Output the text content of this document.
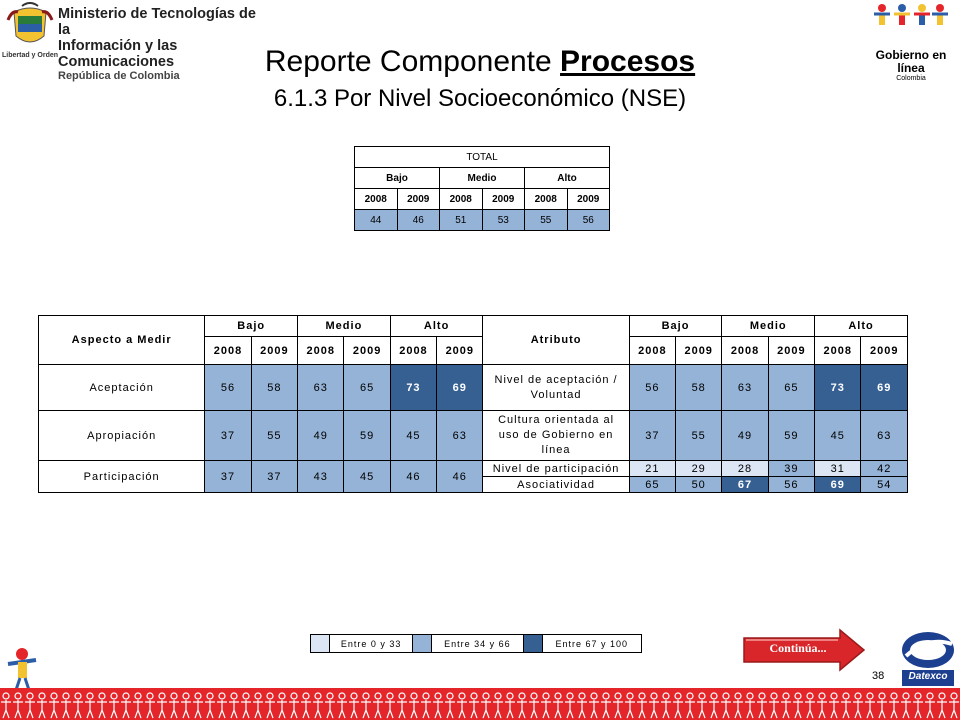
Libertad y Orden
Ministerio de Tecnologías de la
Información y las Comunicaciones
República de Colombia
Gobierno en línea
Colombia
Reporte Componente Procesos
6.1.3 Por Nivel Socioeconómico (NSE)
TOTAL					
Bajo		Medio		Alto	
2008	2009	2008	2009	2008	2009
44	46	51	53	55	56
Aspecto a Medir	Bajo		Medio		Alto		Atributo	Bajo		Medio		Alto	
	2008	2009	2008	2009	2008	2009		2008	2009	2008	2009	2008	2009
Aceptación	56	58	63	65	73	69	Nivel de aceptación / Voluntad	56	58	63	65	73	69
Apropiación	37	55	49	59	45	63	Cultura orientada al uso de Gobierno en línea	37	55	49	59	45	63
Participación	37	37	43	45	46	46	Nivel de participación	21	29	28	39	31	42
							Asociatividad	65	50	67	56	69	54
	Entre 0 y 33		Entre 34 y 66		Entre 67 y 100	Continúa...
38	Datexco
